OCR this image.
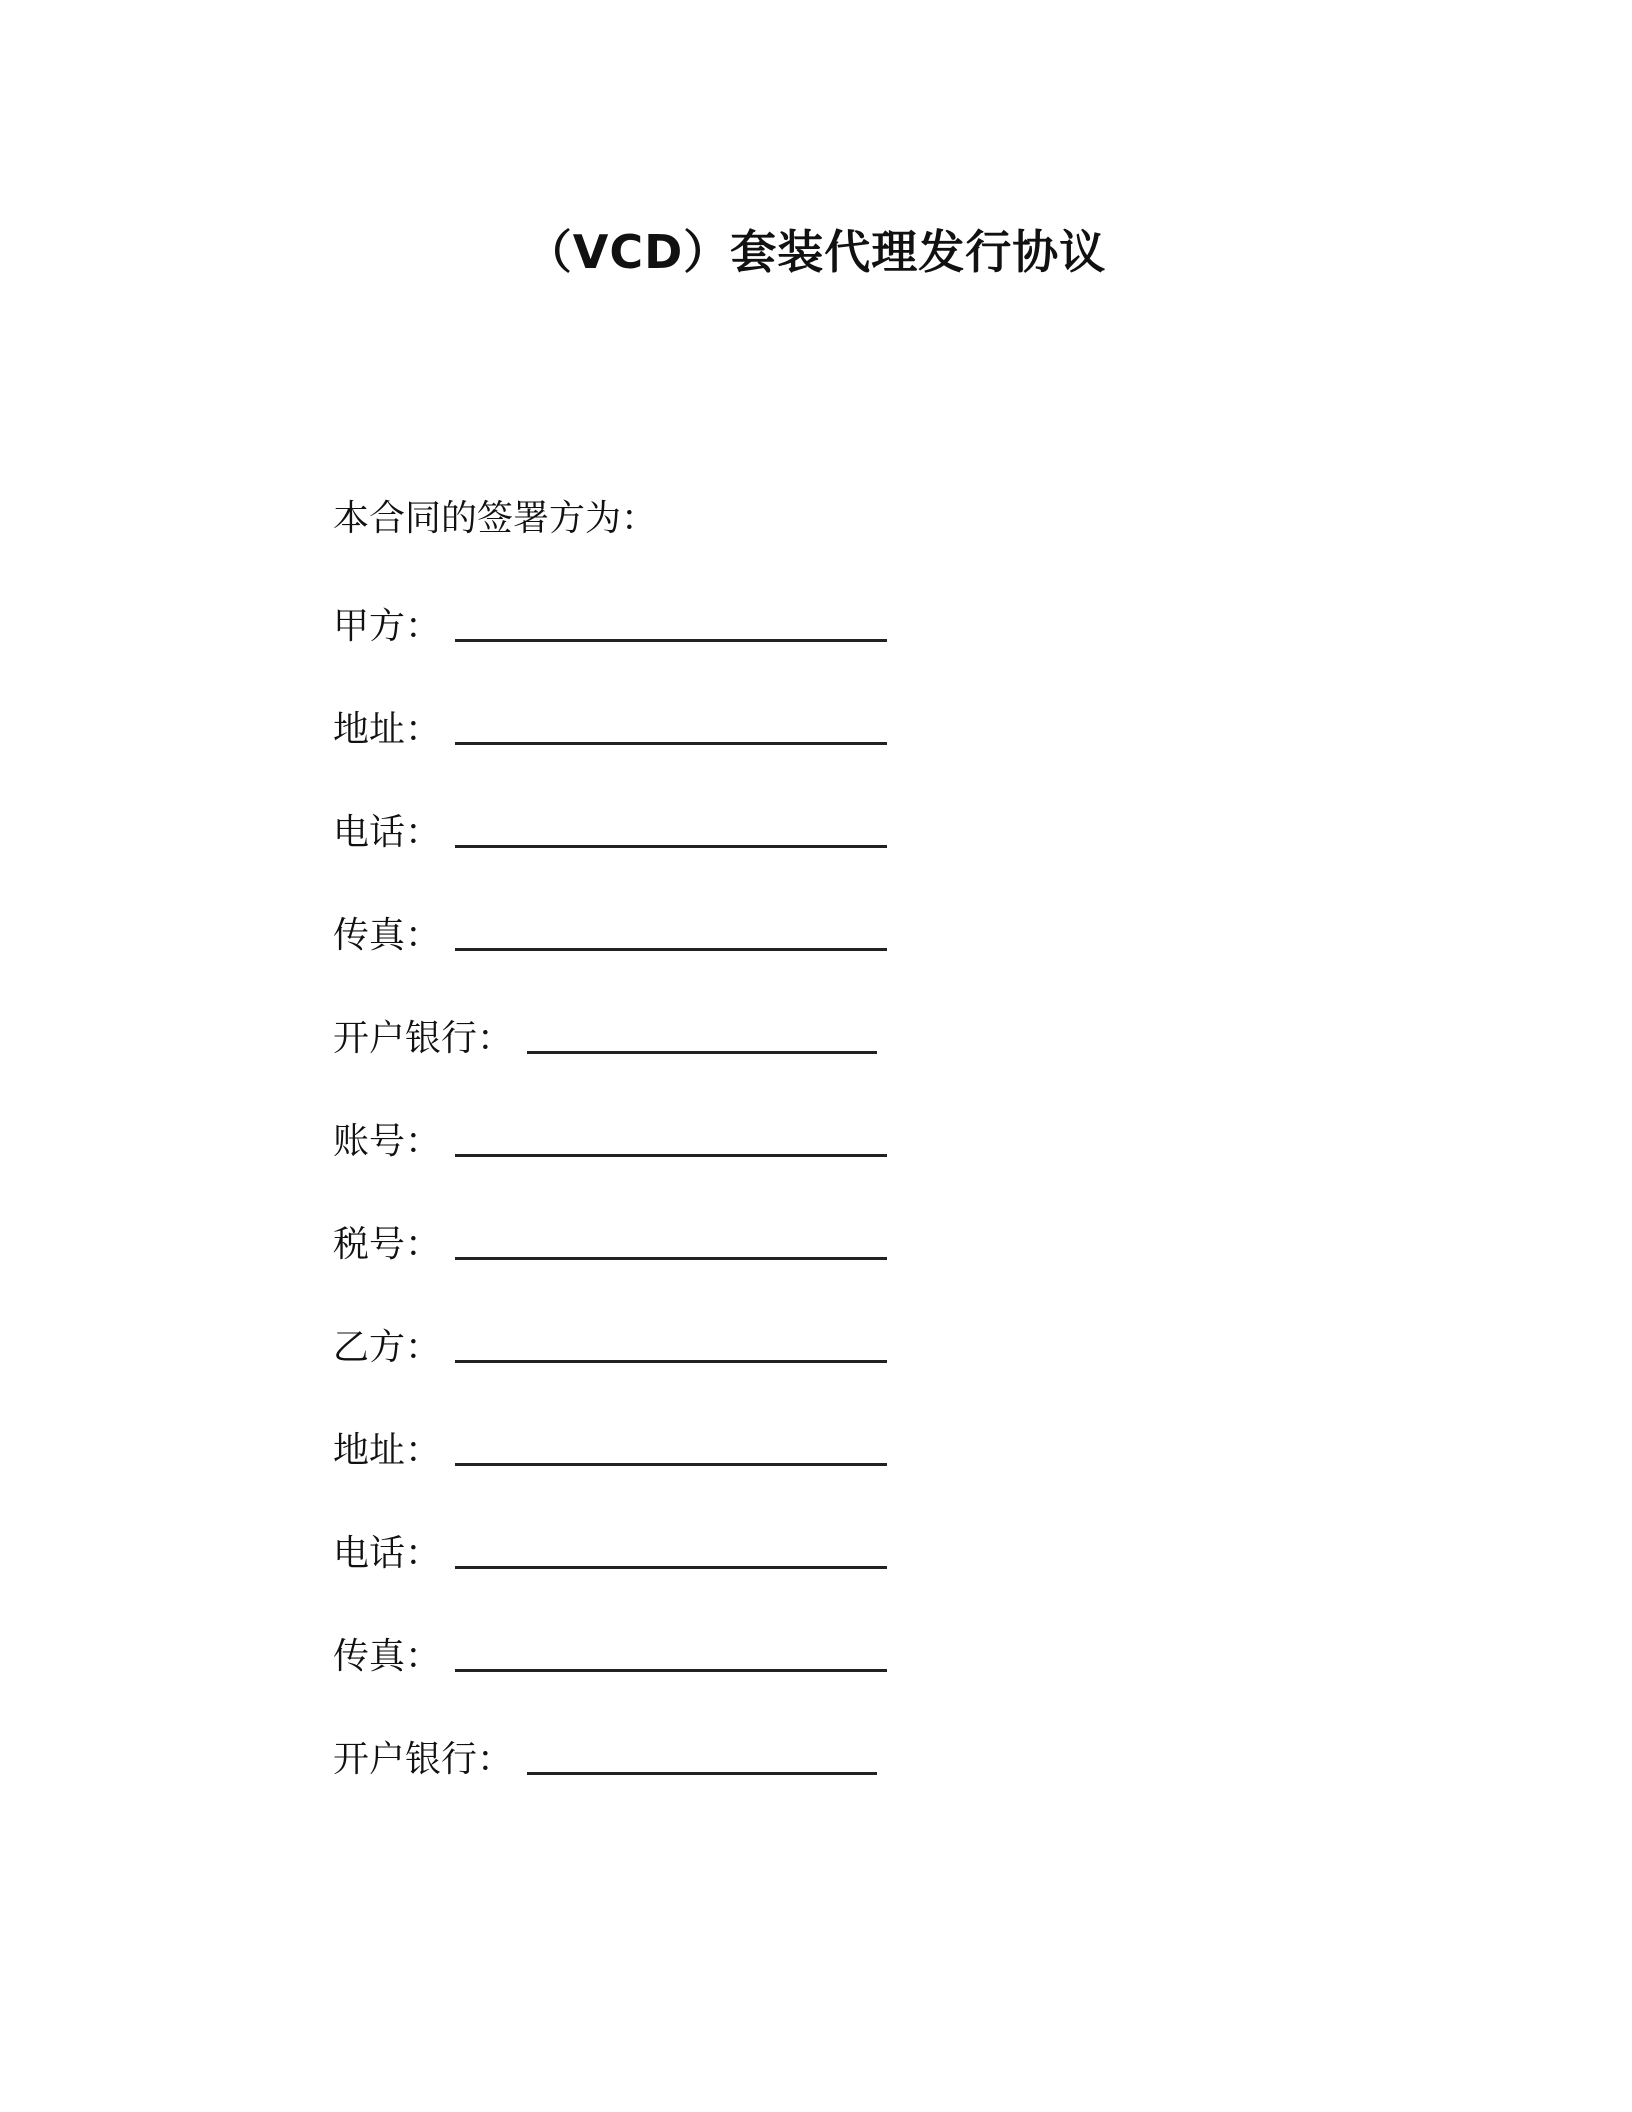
（VCD）套装代理发行协议
本合同的签署方为：
甲方：
地址：
电话：
传真：
开户银行：
账号：
税号：
乙方：
地址：
电话：
传真：
开户银行：
